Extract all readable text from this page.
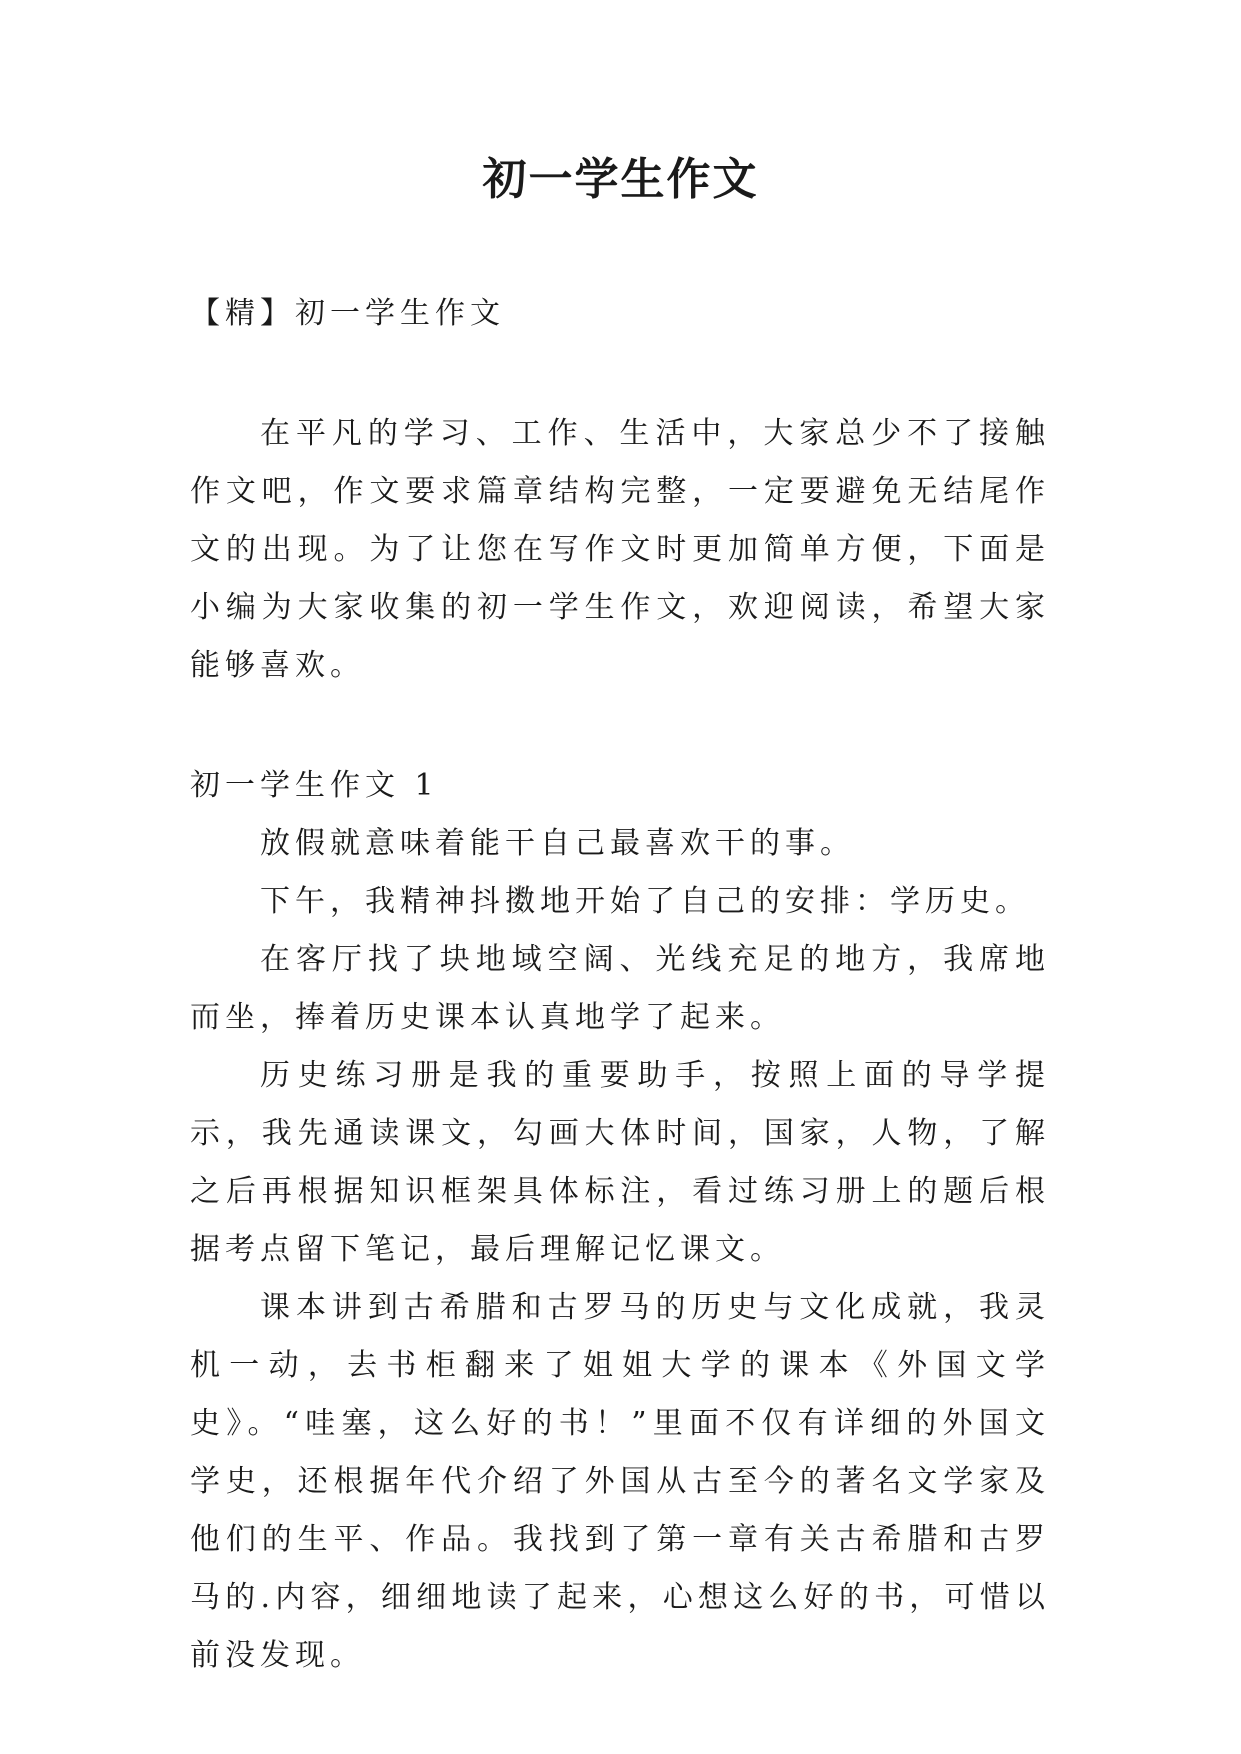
初一学生作文

【精】初一学生作文

在平凡的学习、工作、生活中，大家总少不了接触作文吧，作文要求篇章结构完整，一定要避免无结尾作文的出现。为了让您在写作文时更加简单方便，下面是小编为大家收集的初一学生作文，欢迎阅读，希望大家能够喜欢。

初一学生作文 1

放假就意味着能干自己最喜欢干的事。

下午，我精神抖擞地开始了自己的安排：学历史。

在客厅找了块地域空阔、光线充足的地方，我席地而坐，捧着历史课本认真地学了起来。

历史练习册是我的重要助手，按照上面的导学提示，我先通读课文，勾画大体时间，国家，人物，了解之后再根据知识框架具体标注，看过练习册上的题后根据考点留下笔记，最后理解记忆课文。

课本讲到古希腊和古罗马的历史与文化成就，我灵机一动，去书柜翻来了姐姐大学的课本《外国文学史》。“哇塞，这么好的书！”里面不仅有详细的外国文学史，还根据年代介绍了外国从古至今的著名文学家及他们的生平、作品。我找到了第一章有关古希腊和古罗马的.内容，细细地读了起来，心想这么好的书，可惜以前没发现。
